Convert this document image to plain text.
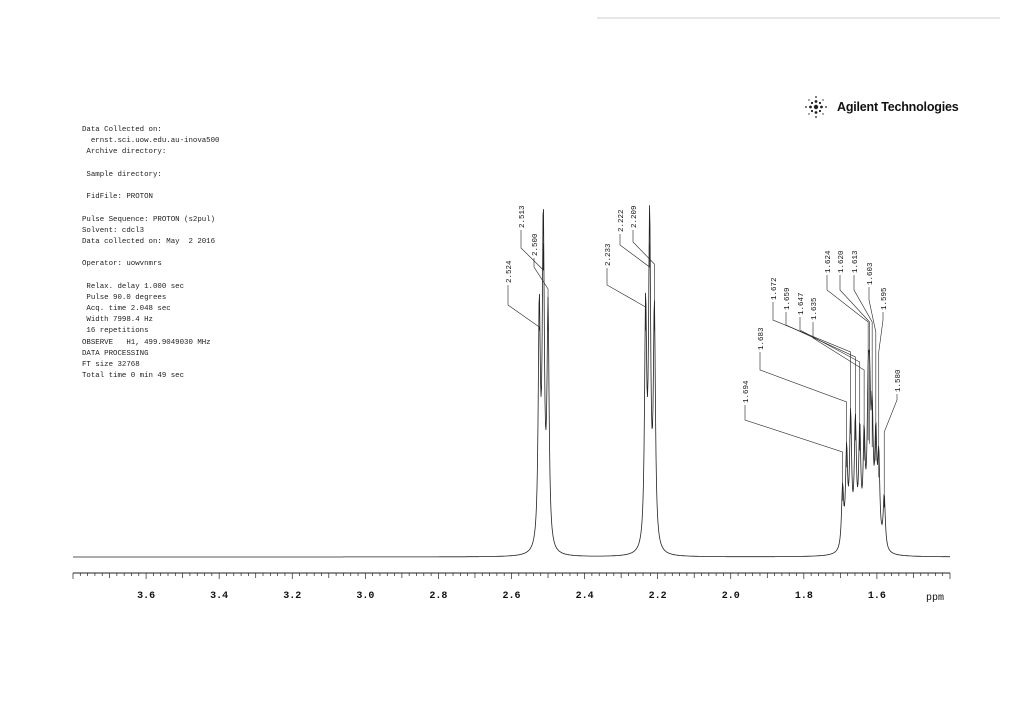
Agilent Technologies
Data Collected on:
ernst.sci.uow.edu.au-inova500
Archive directory:
Sample directory:
FidFile: PROTON
Pulse Sequence: PROTON (s2pul)
Solvent: cdcl3
Data collected on: May  2 2016
Operator: uowvnmrs
Relax. delay 1.000 sec
Pulse 90.0 degrees
Acq. time 2.048 sec
Width 7998.4 Hz
16 repetitions
OBSERVE   H1, 499.9049030 MHz
DATA PROCESSING
FT size 32768
Total time 0 min 49 sec
3.6	3.4	3.2	3.0	2.8	2.6	2.4	2.2	2.0	1.8	1.6
2.524
2.513
2.500	2.233
2.222 2.209
1.694
1.683
1.672 1.659 1.647 1.635
1.624 1.620 1.613
1.603
1.595
1.580
ppm
